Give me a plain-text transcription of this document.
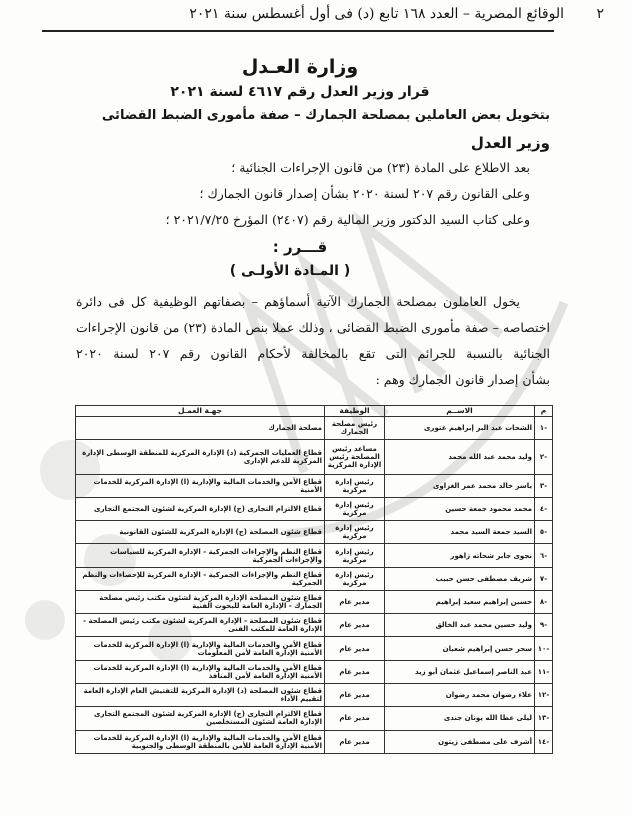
٢
الوقائع المصرية – العدد ١٦٨ تابع (د) فى أول أغسطس سنة ٢٠٢١
وزارة العـدل
قرار وزير العدل رقم ٤٦١٧ لسنة ٢٠٢١
بتخويل بعض العاملين بمصلحة الجمارك – صفة مأمورى الضبط القضائى
وزير العدل
بعد الاطلاع على المادة (٢٣) من قانون الإجراءات الجنائية ؛
وعلى القانون رقم ٢٠٧ لسنة ٢٠٢٠ بشأن إصدار قانون الجمارك ؛
وعلى كتاب السيد الدكتور وزير المالية رقم (٢٤٠٧) المؤرخ ٢٠٢١/٧/٢٥ ؛
قـــرر :
( المـادة الأولـى )
يخول العاملون بمصلحة الجمارك الآتية أسماؤهم – بصفاتهم الوظيفية كل فى دائرة
اختصاصه – صفة مأمورى الضبط القضائى ، وذلك عملا بنص المادة (٢٣) من قانون الإجراءات
الجنائية بالنسبة للجرائم التى تقع بالمخالفة لأحكام القانون رقم ٢٠٧ لسنة ٢٠٢٠
بشأن إصدار قانون الجمارك وهم :
م	الاســم	الوظيفة	جهـة العمـل
-١	الشحات عبد البر إبراهيم غتورى	رئيس مصلحة الجمارك	مصلحة الجمارك
-٢	وليد محمد عبد الله محمد	مساعد رئيس المصلحة رئيس الإدارة المركزية	قطاع العمليات الجمركية (د) الإدارة المركزية للمنطقة الوسطى الإدارة المركزية للدعم الإدارى
-٣	ياسر خالد محمد عمر الغزاوى	رئيس إدارة مركزية	قطاع الأمن والخدمات المالية والإدارية (ا) الإدارة المركزية للخدمات الأمنية
-٤	محمد محمود جمعة حسين	رئيس إدارة مركزية	قطاع الالتزام التجارى (ج) الإدارة المركزية لشئون المجتمع التجارى
-٥	السيد جمعة السيد محمد	رئيس إدارة مركزية	قطاع شئون المصلحة (ج) الإدارة المركزية للشئون القانونية
-٦	نجوى جابر شحاته زاهور	رئيس إدارة مركزية	قطاع النظم والإجراءات الجمركية - الإدارة المركزية للسياسات والإجراءات الجمركية
-٧	شريف مصطفى حسن حبيب	رئيس إدارة مركزية	قطاع النظم والإجراءات الجمركية - الإدارة المركزية للإحصاءات والنظم الجمركية
-٨	حسين إبراهيم سعيد إبراهيم	مدير عام	قطاع شئون المصلحة الإدارة المركزية لشئون مكتب رئيس مصلحة الجمارك - الإدارة العامة للبحوث الفنية
-٩	وليد حسين محمد عبد الخالق	مدير عام	قطاع شئون المصلحة - الإدارة المركزية لشئون مكتب رئيس المصلحة - الإدارة العامة للمكتب الفنى
-١٠	سحر حسن إبراهيم شعبان	مدير عام	قطاع الأمن والخدمات المالية والإدارية (ا) الإدارة المركزية للخدمات الأمنية الإدارة العامة لأمن المعلومات
-١١	عبد الناصر إسماعيل عثمان أبو زيد	مدير عام	قطاع الأمن والخدمات المالية والإدارية (ا) الإدارة المركزية للخدمات الأمنية الإدارة العامة لأمن المنافذ
-١٢	علاء رضوان محمد رضوان	مدير عام	قطاع شئون المصلحة (د) الإدارة المركزية للتفتيش العام الإدارة العامة لتقييم الأداء
-١٣	ليلى عطا الله يونان جندى	مدير عام	قطاع الالتزام التجارى (ج) الإدارة المركزية لشئون المجتمع التجارى الإدارة العامة لشئون المستخلصين
-١٤	أشرف على مصطفى زيتون	مدير عام	قطاع الأمن والخدمات المالية والإدارية (ا) الإدارة المركزية للخدمات الأمنية الإدارة العامة للأمن بالمنطقة الوسطى والجنوبية
